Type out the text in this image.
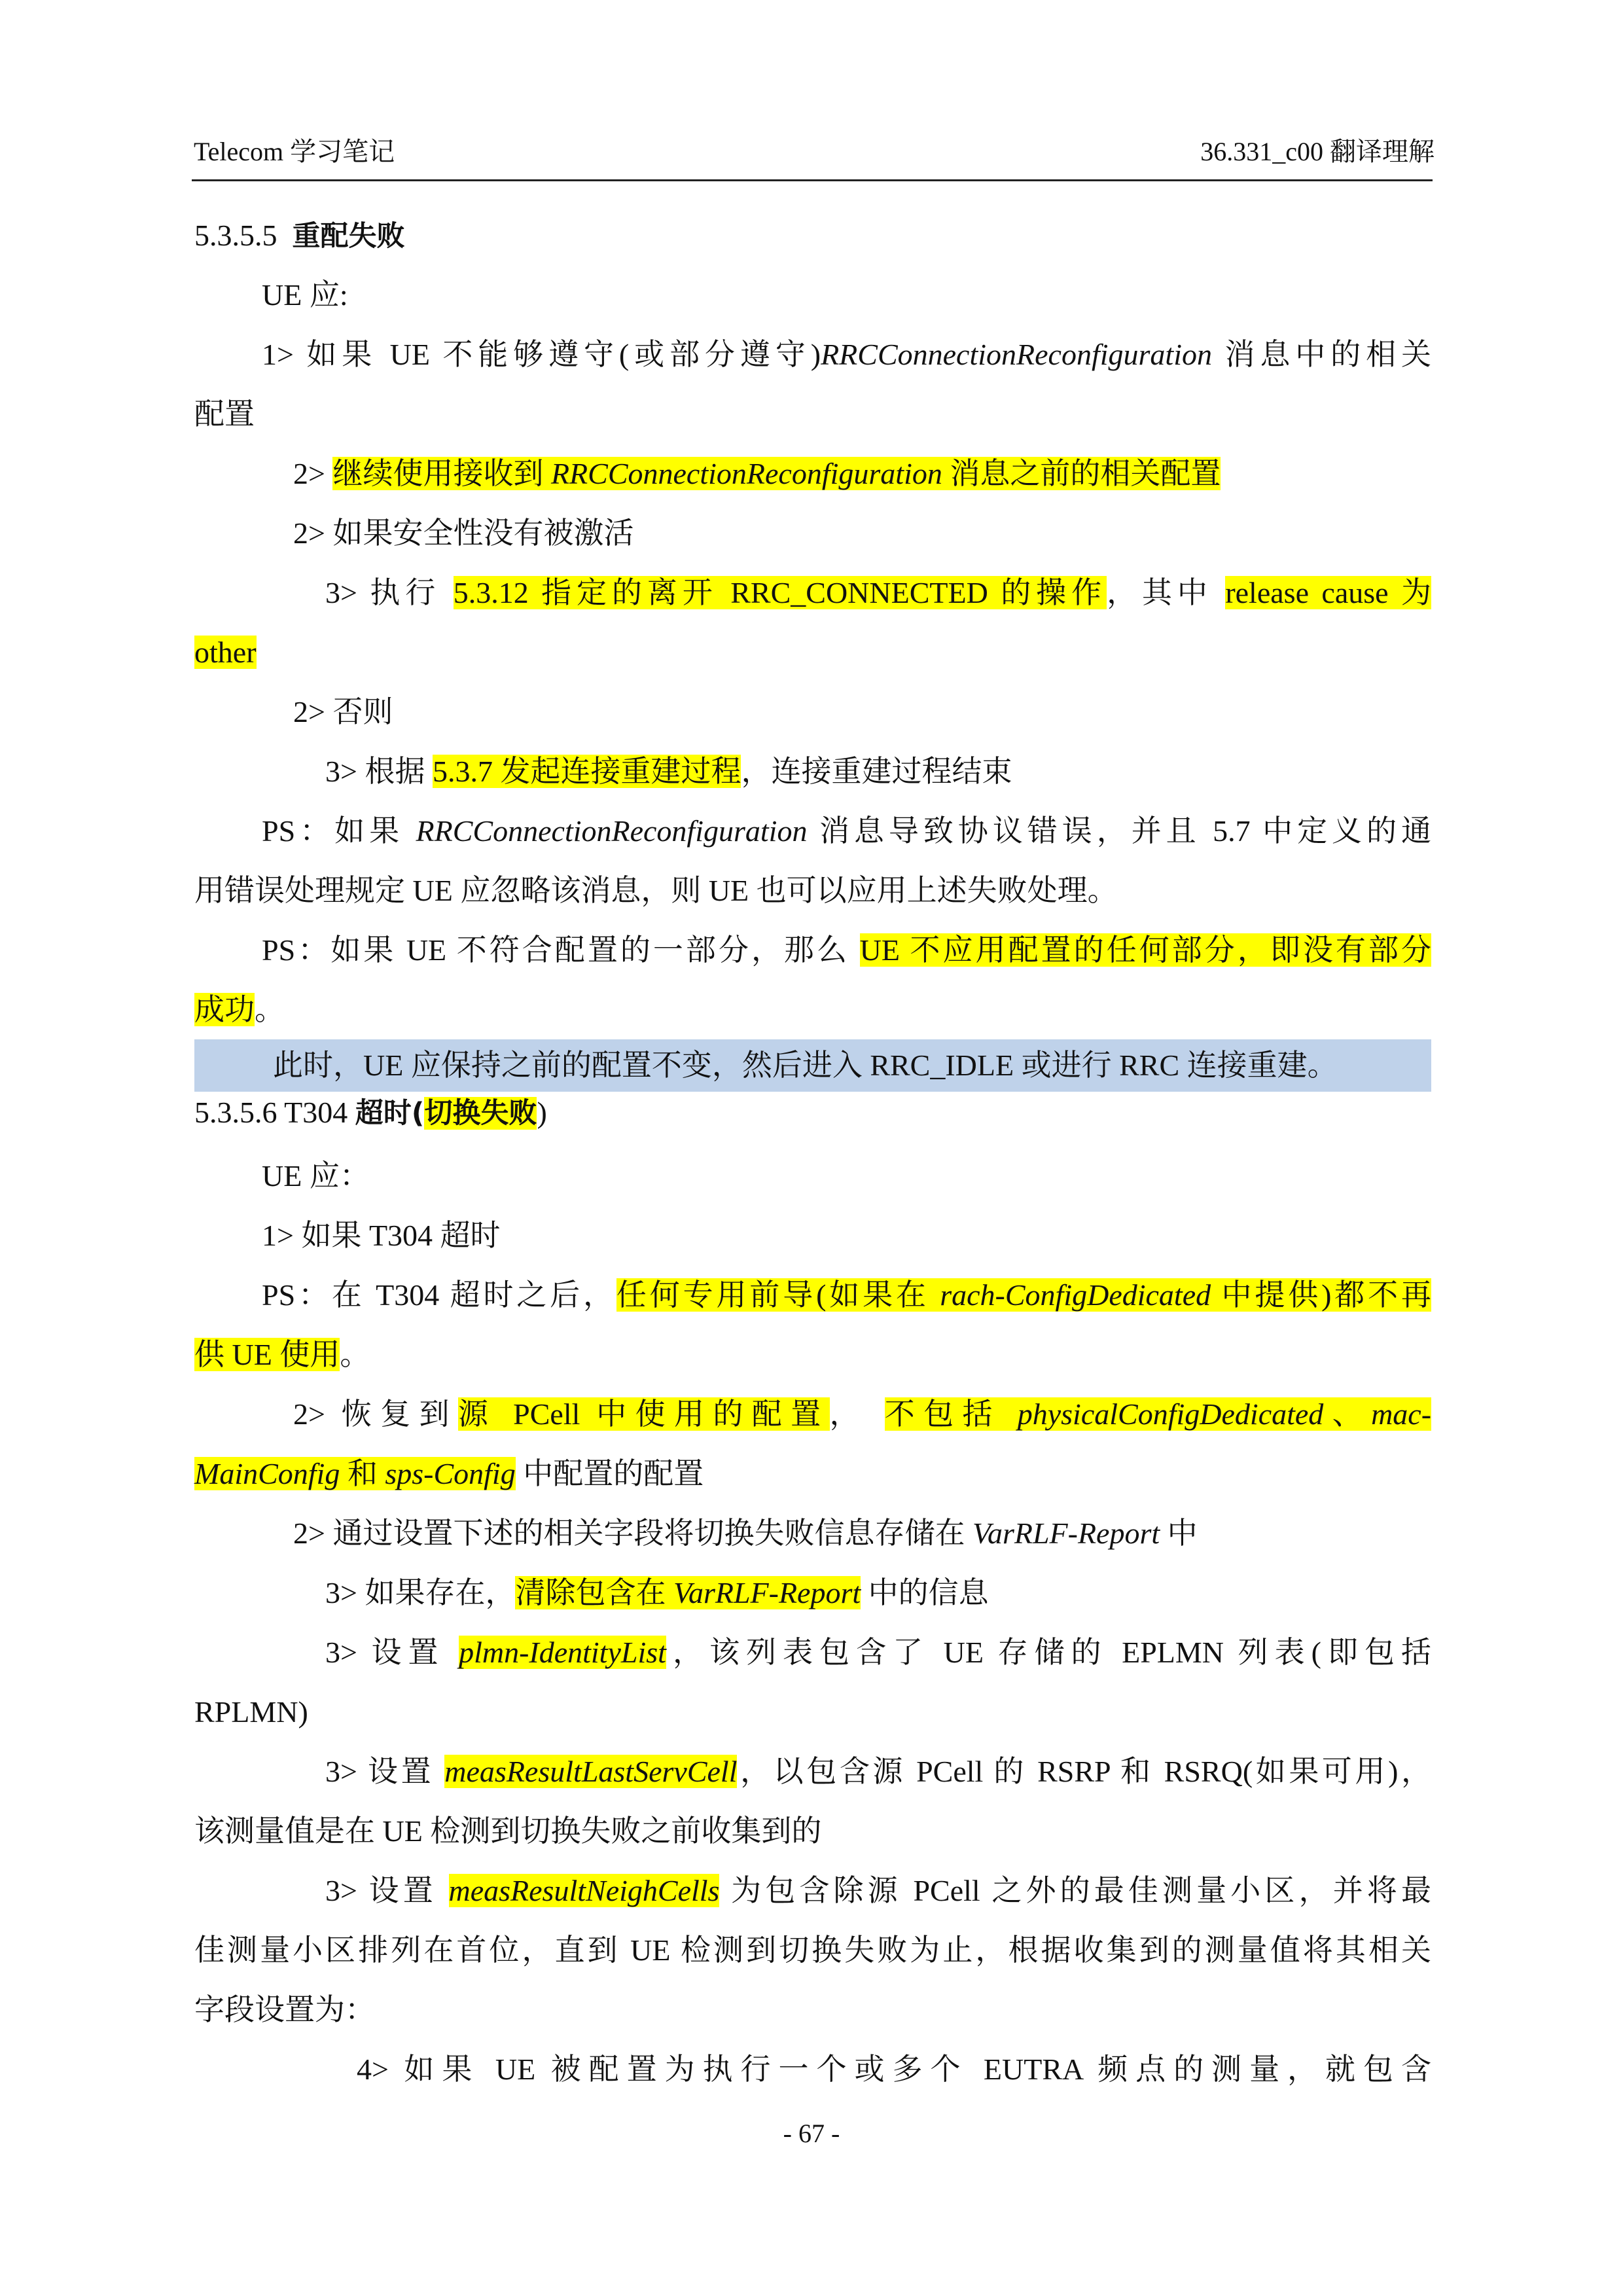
Telecom 学习笔记	36.331_c00 翻译理解
5.3.5.5 重配失败
UE 应:
1> 如果 UE 不能够遵守(或部分遵守)RRCConnectionReconfiguration 消息中的相关
配置
2> 继续使用接收到 RRCConnectionReconfiguration 消息之前的相关配置
2> 如果安全性没有被激活
3> 执行 5.3.12 指定的离开 RRC_CONNECTED 的操作，其中 release cause 为
other
2> 否则
3> 根据 5.3.7 发起连接重建过程，连接重建过程结束
PS：如果 RRCConnectionReconfiguration 消息导致协议错误，并且 5.7 中定义的通
用错误处理规定 UE 应忽略该消息，则 UE 也可以应用上述失败处理。
PS：如果 UE 不符合配置的一部分，那么 UE 不应用配置的任何部分，即没有部分
成功。
此时，UE 应保持之前的配置不变，然后进入 RRC_IDLE 或进行 RRC 连接重建。
5.3.5.6 T304 超时(切换失败)
UE 应：
1> 如果 T304 超时
PS：在 T304 超时之后，任何专用前导(如果在 rach-ConfigDedicated 中提供)都不再
供 UE 使用。
2> 恢复到源 PCell 中使用的配置， 不包括 physicalConfigDedicated、mac-
MainConfig 和 sps-Config 中配置的配置
2> 通过设置下述的相关字段将切换失败信息存储在 VarRLF-Report 中
3> 如果存在，清除包含在 VarRLF-Report 中的信息
3> 设置 plmn-IdentityList，该列表包含了 UE 存储的 EPLMN 列表(即包括
RPLMN)
3> 设置 measResultLastServCell，以包含源 PCell 的 RSRP 和 RSRQ(如果可用)，
该测量值是在 UE 检测到切换失败之前收集到的
3> 设置 measResultNeighCells 为包含除源 PCell 之外的最佳测量小区，并将最
佳测量小区排列在首位，直到 UE 检测到切换失败为止，根据收集到的测量值将其相关
字段设置为：
4> 如果 UE 被配置为执行一个或多个 EUTRA 频点的测量，就包含
- 67 -
